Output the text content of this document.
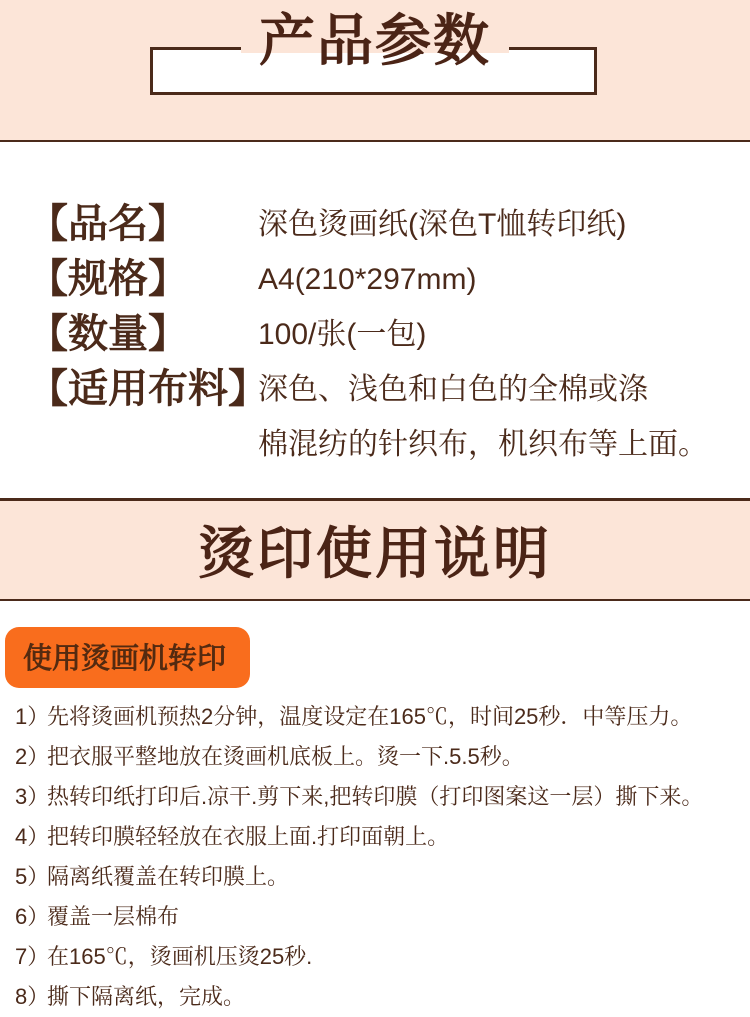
产品参数
【品名】	深色烫画纸(深色T恤转印纸)
【规格】	A4(210*297mm)
【数量】	100/张(一包)
【适用布料】
深色、浅色和白色的全棉或涤
棉混纺的针织布，机织布等上面。
烫印使用说明
使用烫画机转印
1）
先将烫画机预热2分钟，温度设定在165℃，时间25秒．中等压力。
2）
把衣服平整地放在烫画机底板上。烫一下.5.5秒。
3）
热转印纸打印后.凉干.剪下来,把转印膜（打印图案这一层）撕下来。
4）
把转印膜轻轻放在衣服上面.打印面朝上。
5）
隔离纸覆盖在转印膜上。
6）
覆盖一层棉布
7）
在165℃，烫画机压烫25秒.
8）
撕下隔离纸，完成。
